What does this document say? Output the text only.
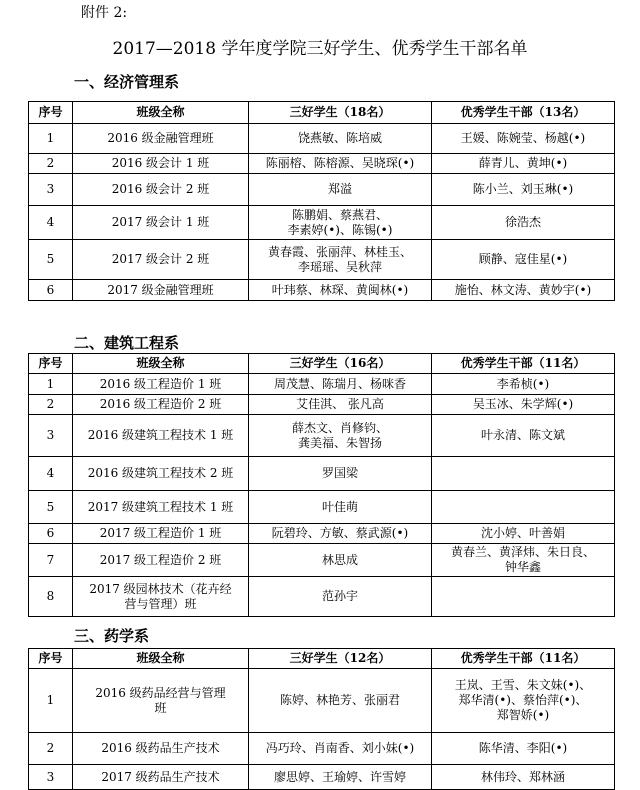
附件 2:
2017—2018 学年度学院三好学生、优秀学生干部名单
一、经济管理系
序号	班级全称	三好学生（18名）	优秀学生干部（13名）
1	2016 级金融管理班	饶燕敏、陈培威	王媛、陈婉莹、杨越(•)
2	2016 级会计 1 班	陈丽榕、陈榕源、吴晓琛(•)	薛青儿、黄坤(•)
3	2016 级会计 2 班	郑溢	陈小兰、刘玉琳(•)
4	2017 级会计 1 班	陈鹏娟、蔡燕君、
李素婷(•)、陈锡(•)	徐浩杰
5	2017 级会计 2 班	黄春霞、张丽萍、林桂玉、
李瑶瑶、吴秋萍	顾静、寇佳星(•)
6	2017 级金融管理班	叶玮蔡、林琛、黄闽林(•)	施怡、林文涛、黄妙宇(•)
二、建筑工程系
序号	班级全称	三好学生（16名）	优秀学生干部（11名）
1	2016 级工程造价 1 班	周茂慧、陈瑞月、杨咪香	李希桢(•)
2	2016 级工程造价 2 班	艾佳淇、 张凡高	吴玉冰、朱学辉(•)
3	2016 级建筑工程技术 1 班	薛杰文、肖修钧、
龚美福、朱智扬	叶永清、陈文斌
4	2016 级建筑工程技术 2 班	罗国梁	
5	2017 级建筑工程技术 1 班	叶佳萌	
6	2017 级工程造价 1 班	阮碧玲、方敏、蔡武源(•)	沈小婷、叶善娟
7	2017 级工程造价 2 班	林思成	黄春兰、黄泽炜、朱日良、
钟华鑫
8	2017 级园林技术（花卉经
营与管理）班	范孙宇	
三、药学系
序号	班级全称	三好学生（12名）	优秀学生干部（11名）
1	2016 级药品经营与管理
班	陈婷、林艳芳、张丽君	王岚、王雪、朱文妹(•)、
郑华清(•)、蔡怡萍(•)、
郑智娇(•)
2	2016 级药品生产技术	冯巧玲、肖南香、刘小妹(•)	陈华清、李阳(•)
3	2017 级药品生产技术	廖思婷、王瑜婷、许雪婷	林伟玲、郑林涵
